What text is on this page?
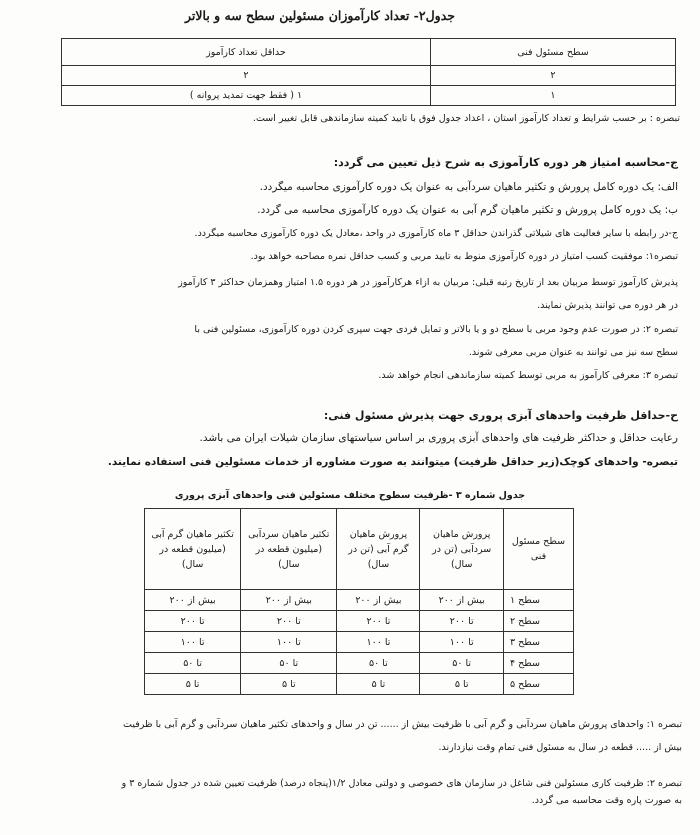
جدول۲- تعداد کارآموزان مسئولین سطح سه و بالاتر
سطح مسئول فنی	حداقل تعداد کارآموز
۲	۲
۱	۱ ( فقط جهت تمدید پروانه )
تبصره : بر حسب شرایط و تعداد کارآموز استان ، اعداد جدول فوق با تایید کمیته سازماندهی قابل تغییر است.
ج-محاسبه امتیاز هر دوره کارآموزی به شرح ذیل تعیین می گردد:
الف: یک دوره کامل پرورش و تکثیر ماهیان سردآبی به عنوان یک دوره کارآموزی محاسبه میگردد.
ب: یک دوره کامل پرورش و تکثیر ماهیان گرم آبی به عنوان یک دوره کارآموزی محاسبه می گردد.
ج-در رابطه با سایر فعالیت های شیلاتی گذراندن حداقل ۳ ماه کارآموزی در واحد ،معادل یک دوره کارآموزی محاسبه میگردد.
تبصره۱: موفقیت کسب امتیاز در دوره کارآموزی منوط به تایید مربی و کسب حداقل نمره مصاحبه خواهد بود.
پذیرش کارآموز توسط مربیان بعد از تاریخ رتبه قبلی: مربیان به ازاء هرکارآموز در هر دوره ۱.۵ امتیاز وهمزمان حداکثر ۳ کارآموز
در هر دوره می توانند پذیرش نمایند.
تبصره ۲: در صورت عدم وجود مربی با سطح دو و یا بالاتر و تمایل فردی جهت سپری کردن دوره کارآموزی، مسئولین فنی با
سطح سه نیز می توانند به عنوان مربی معرفی شوند.
تبصره ۳: معرفی کارآموز به مربی توسط کمیته سازماندهی انجام خواهد شد.
ح-حداقل ظرفیت واحدهای آبزی پروری جهت پذیرش مسئول فنی:
رعایت حداقل و حداکثر ظرفیت های واحدهای آبزی پروری بر اساس سیاستهای سازمان شیلات ایران می باشد.
تبصره- واحدهای کوچک(زیر حداقل ظرفیت) میتوانند به صورت مشاوره از خدمات مسئولین فنی استفاده نمایند.
جدول شماره ۳ -ظرفیت سطوح مختلف مسئولین فنی واحدهای آبزی پروری
سطح مسئول فنی	پرورش ماهیان سردآبی (تن در سال)	پرورش ماهیان گرم آبی (تن در سال)	تکثیر ماهیان سردآبی (میلیون قطعه در سال)	تکثیر ماهیان گرم آبی (میلیون قطعه در سال)
سطح ۱	بیش از ۲۰۰	بیش از ۲۰۰	بیش از ۲۰۰	بیش از ۲۰۰
سطح ۲	تا ۲۰۰	تا ۲۰۰	تا ۲۰۰	تا ۲۰۰
سطح ۳	تا ۱۰۰	تا ۱۰۰	تا ۱۰۰	تا ۱۰۰
سطح ۴	تا ۵۰	تا ۵۰	تا ۵۰	تا ۵۰
سطح ۵	تا ۵	تا ۵	تا ۵	تا ۵
تبصره ۱: واحدهای پرورش ماهیان سردآبی و گرم آبی با ظرفیت بیش از ...... تن در سال و واحدهای تکثیر ماهیان سردآبی و گرم آبی با ظرفیت
بیش از ..... قطعه در سال به مسئول فنی تمام وقت نیازدارند.
تبصره ۲: ظرفیت کاری مسئولین فنی شاغل در سازمان های خصوصی و دولتی معادل ۱/۲(پنجاه درصد) ظرفیت تعیین شده در جدول شماره ۳ و
به صورت پاره وقت محاسبه می گردد.
